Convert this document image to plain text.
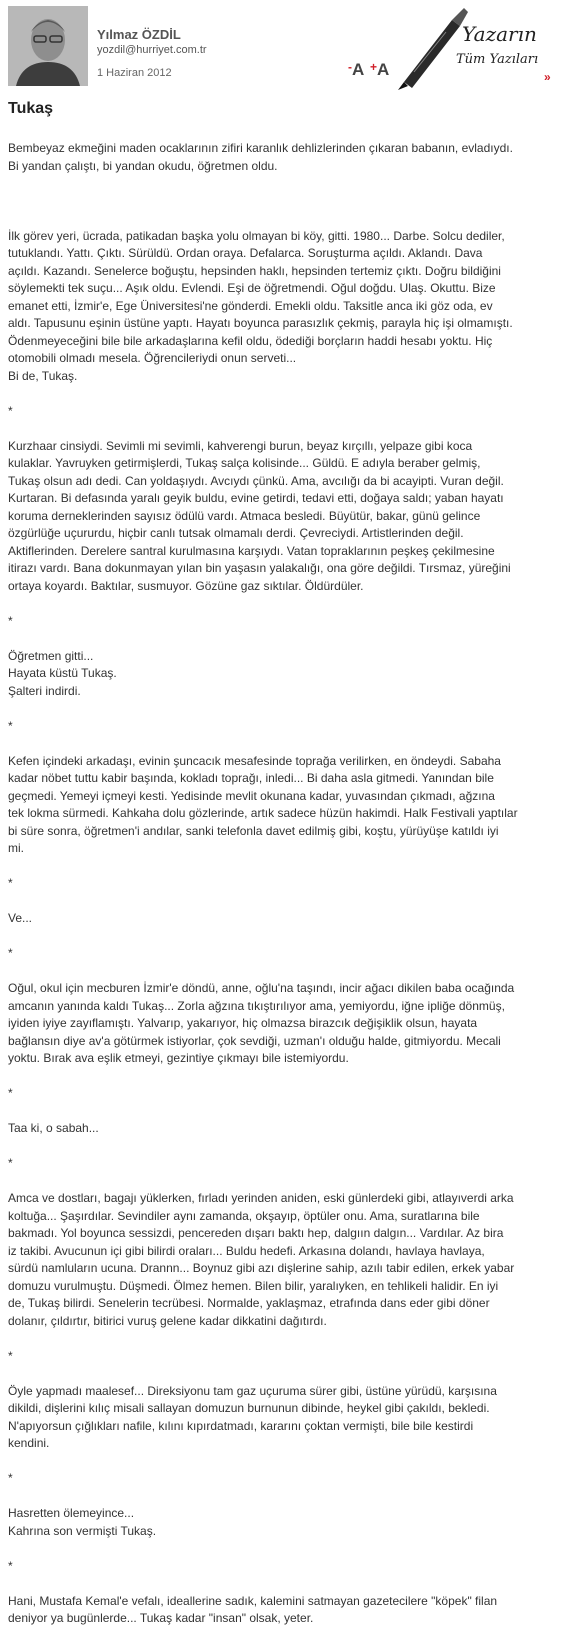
Yılmaz ÖZDİL
yozdil@hurriyet.com.tr
1 Haziran 2012	-A +A
Yazarın
Tüm Yazıları
»
Tukaş

Bembeyaz ekmeğini maden ocaklarının zifiri karanlık dehlizlerinden çıkaran babanın, evladıydı.
Bi yandan çalıştı, bi yandan okudu, öğretmen oldu.

İlk görev yeri, ücrada, patikadan başka yolu olmayan bi köy, gitti. 1980... Darbe. Solcu dediler,
tutuklandı. Yattı. Çıktı. Sürüldü. Ordan oraya. Defalarca. Soruşturma açıldı. Aklandı. Dava
açıldı. Kazandı. Senelerce boğuştu, hepsinden haklı, hepsinden tertemiz çıktı. Doğru bildiğini
söylemekti tek suçu... Aşık oldu. Evlendi. Eşi de öğretmendi. Oğul doğdu. Ulaş. Okuttu. Bize
emanet etti, İzmir'e, Ege Üniversitesi'ne gönderdi. Emekli oldu. Taksitle anca iki göz oda, ev
aldı. Tapusunu eşinin üstüne yaptı. Hayatı boyunca parasızlık çekmiş, parayla hiç işi olmamıştı.
Ödenmeyeceğini bile bile arkadaşlarına kefil oldu, ödediği borçların haddi hesabı yoktu. Hiç
otomobili olmadı mesela. Öğrencileriydi onun serveti...
Bi de, Tukaş.

*

Kurzhaar cinsiydi. Sevimli mi sevimli, kahverengi burun, beyaz kırçıllı, yelpaze gibi koca
kulaklar. Yavruyken getirmişlerdi, Tukaş salça kolisinde... Güldü. E adıyla beraber gelmiş,
Tukaş olsun adı dedi. Can yoldaşıydı. Avcıydı çünkü. Ama, avcılığı da bi acayipti. Vuran değil.
Kurtaran. Bi defasında yaralı geyik buldu, evine getirdi, tedavi etti, doğaya saldı; yaban hayatı
koruma derneklerinden sayısız ödülü vardı. Atmaca besledi. Büyütür, bakar, günü gelince
özgürlüğe uçururdu, hiçbir canlı tutsak olmamalı derdi. Çevreciydi. Artistlerinden değil.
Aktiflerinden. Derelere santral kurulmasına karşıydı. Vatan topraklarının peşkeş çekilmesine
itirazı vardı. Bana dokunmayan yılan bin yaşasın yalakalığı, ona göre değildi. Tırsmaz, yüreğini
ortaya koyardı. Baktılar, susmuyor. Gözüne gaz sıktılar. Öldürdüler.

*

Öğretmen gitti...
Hayata küstü Tukaş.
Şalteri indirdi.

*

Kefen içindeki arkadaşı, evinin şuncacık mesafesinde toprağa verilirken, en öndeydi. Sabaha
kadar nöbet tuttu kabir başında, kokladı toprağı, inledi... Bi daha asla gitmedi. Yanından bile
geçmedi. Yemeyi içmeyi kesti. Yedisinde mevlit okunana kadar, yuvasından çıkmadı, ağzına
tek lokma sürmedi. Kahkaha dolu gözlerinde, artık sadece hüzün hakimdi. Halk Festivali yaptılar
bi süre sonra, öğretmen'i andılar, sanki telefonla davet edilmiş gibi, koştu, yürüyüşe katıldı iyi
mi.

*

Ve...

*

Oğul, okul için mecburen İzmir'e döndü, anne, oğlu'na taşındı, incir ağacı dikilen baba ocağında
amcanın yanında kaldı Tukaş... Zorla ağzına tıkıştırılıyor ama, yemiyordu, iğne ipliğe dönmüş,
iyiden iyiye zayıflamıştı. Yalvarıp, yakarıyor, hiç olmazsa birazcık değişiklik olsun, hayata
bağlansın diye av'a götürmek istiyorlar, çok sevdiği, uzman'ı olduğu halde, gitmiyordu. Mecali
yoktu. Bırak ava eşlik etmeyi, gezintiye çıkmayı bile istemiyordu.

*

Taa ki, o sabah...

*

Amca ve dostları, bagajı yüklerken, fırladı yerinden aniden, eski günlerdeki gibi, atlayıverdi arka
koltuğa... Şaşırdılar. Sevindiler aynı zamanda, okşayıp, öptüler onu. Ama, suratlarına bile
bakmadı. Yol boyunca sessizdi, pencereden dışarı baktı hep, dalgıın dalgın... Vardılar. Az bira
iz takibi. Avucunun içi gibi bilirdi oraları... Buldu hedefi. Arkasına dolandı, havlaya havlaya,
sürdü namluların ucuna. Drannn... Boynuz gibi azı dişlerine sahip, azılı tabir edilen, erkek yabar
domuzu vurulmuştu. Düşmedi. Ölmez hemen. Bilen bilir, yaralıyken, en tehlikeli halidir. En iyi
de, Tukaş bilirdi. Senelerin tecrübesi. Normalde, yaklaşmaz, etrafında dans eder gibi döner
dolanır, çıldırtır, bitirici vuruş gelene kadar dikkatini dağıtırdı.

*

Öyle yapmadı maalesef... Direksiyonu tam gaz uçuruma sürer gibi, üstüne yürüdü, karşısına
dikildi, dişlerini kılıç misali sallayan domuzun burnunun dibinde, heykel gibi çakıldı, bekledi.
N'apıyorsun çığlıkları nafile, kılını kıpırdatmadı, kararını çoktan vermişti, bile bile kestirdi
kendini.

*

Hasretten ölemeyince...
Kahrına son vermişti Tukaş.

*

Hani, Mustafa Kemal'e vefalı, ideallerine sadık, kalemini satmayan gazetecilere "köpek" filan
deniyor ya bugünlerde... Tukaş kadar "insan" olsak, yeter.
